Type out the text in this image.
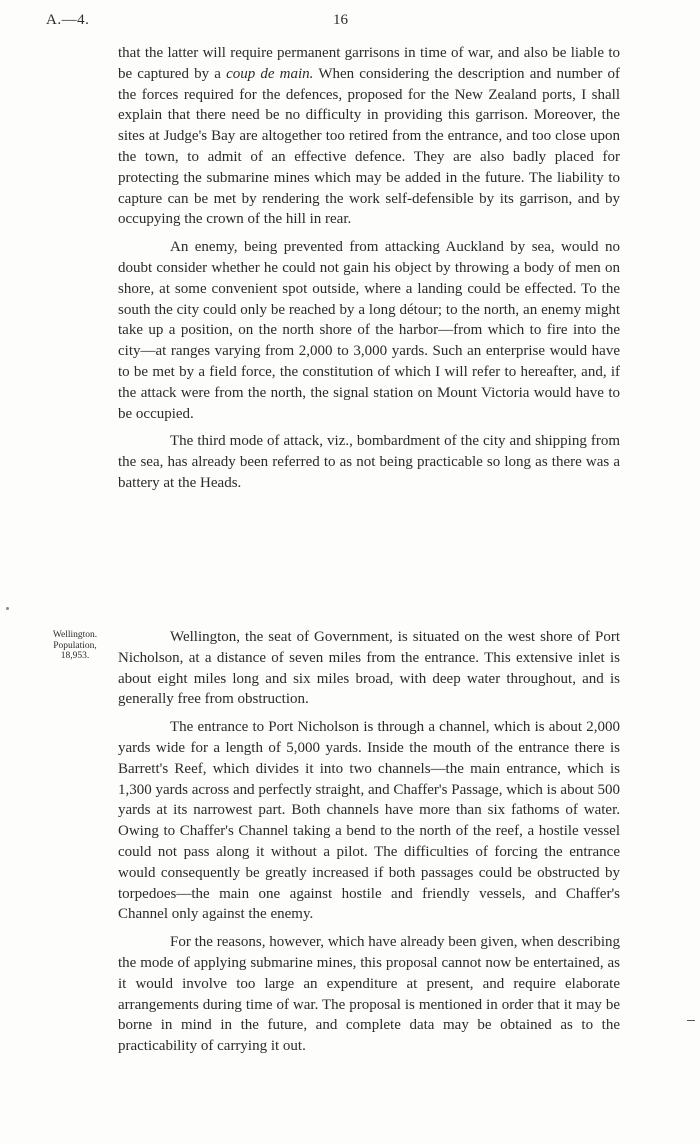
A.—4.	16

that the latter will require permanent garrisons in time of war, and also be liable to be captured by a coup de main. When considering the description and number of the forces required for the defences, proposed for the New Zealand ports, I shall explain that there need be no difficulty in providing this garrison. Moreover, the sites at Judge's Bay are altogether too retired from the entrance, and too close upon the town, to admit of an effective defence. They are also badly placed for protecting the submarine mines which may be added in the future. The liability to capture can be met by rendering the work self-defensible by its garrison, and by occupying the crown of the hill in rear.

An enemy, being prevented from attacking Auckland by sea, would no doubt consider whether he could not gain his object by throwing a body of men on shore, at some convenient spot outside, where a landing could be effected. To the south the city could only be reached by a long détour; to the north, an enemy might take up a position, on the north shore of the harbor—from which to fire into the city—at ranges varying from 2,000 to 3,000 yards. Such an enterprise would have to be met by a field force, the constitution of which I will refer to hereafter, and, if the attack were from the north, the signal station on Mount Victoria would have to be occupied.

The third mode of attack, viz., bombardment of the city and shipping from the sea, has already been referred to as not being practicable so long as there was a battery at the Heads.

Wellington.
Population,
18,953.

Wellington, the seat of Government, is situated on the west shore of Port Nicholson, at a distance of seven miles from the entrance. This extensive inlet is about eight miles long and six miles broad, with deep water throughout, and is generally free from obstruction.

The entrance to Port Nicholson is through a channel, which is about 2,000 yards wide for a length of 5,000 yards. Inside the mouth of the entrance there is Barrett's Reef, which divides it into two channels—the main entrance, which is 1,300 yards across and perfectly straight, and Chaffer's Passage, which is about 500 yards at its narrowest part. Both channels have more than six fathoms of water. Owing to Chaffer's Channel taking a bend to the north of the reef, a hostile vessel could not pass along it without a pilot. The difficulties of forcing the entrance would consequently be greatly increased if both passages could be obstructed by torpedoes—the main one against hostile and friendly vessels, and Chaffer's Channel only against the enemy.

For the reasons, however, which have already been given, when describing the mode of applying submarine mines, this proposal cannot now be entertained, as it would involve too large an expenditure at present, and require elaborate arrangements during time of war. The proposal is mentioned in order that it may be borne in mind in the future, and complete data may be obtained as to the practicability of carrying it out.
